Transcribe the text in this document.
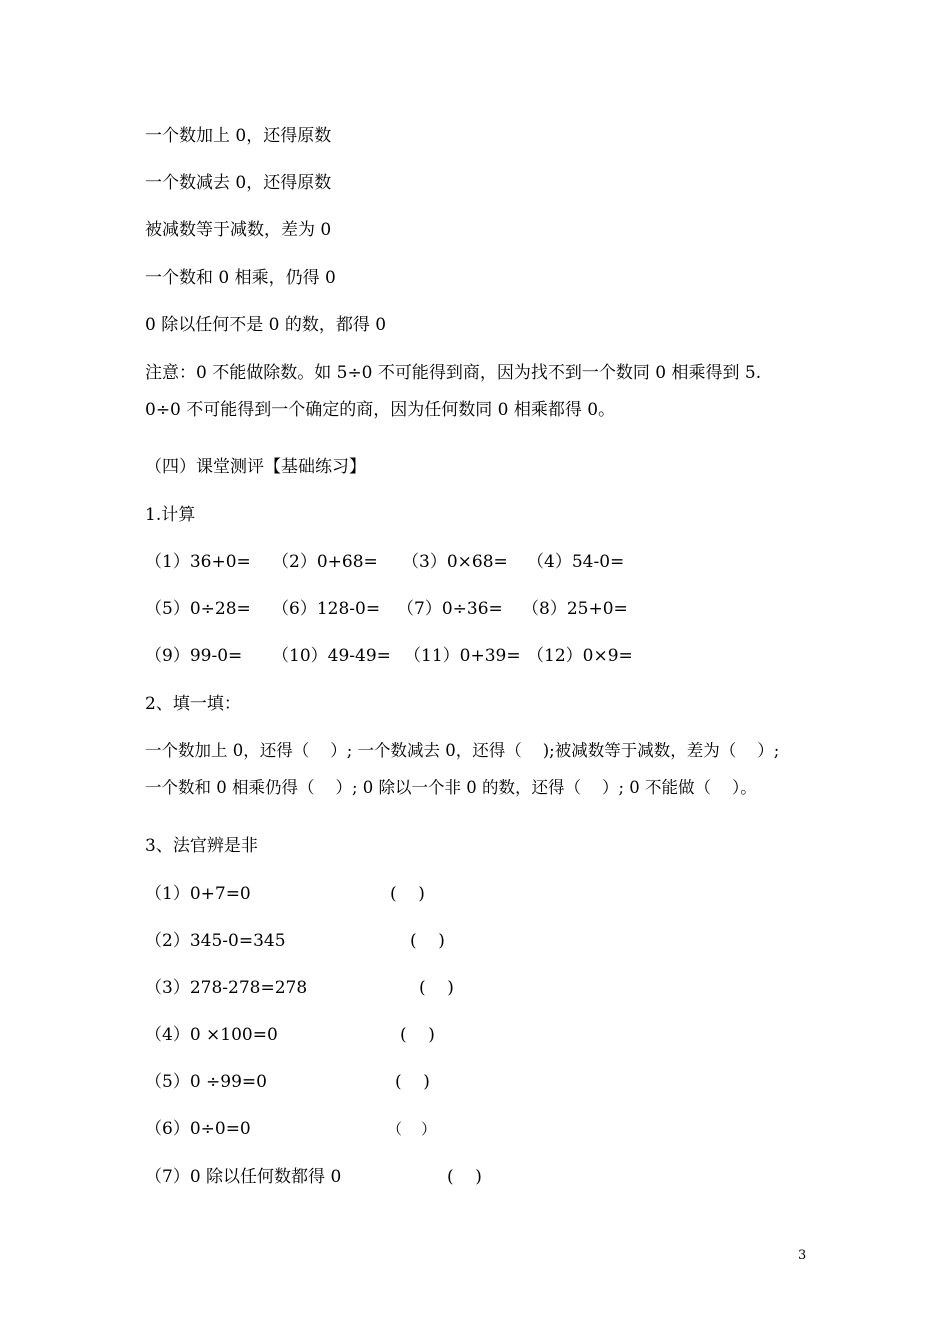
一个数加上 0，还得原数
一个数减去 0，还得原数
被减数等于减数，差为 0
一个数和 0 相乘，仍得 0
0 除以任何不是 0 的数，都得 0
注意：0 不能做除数。如 5÷0 不可能得到商，因为找不到一个数同 0 相乘得到 5.
0÷0 不可能得到一个确定的商，因为任何数同 0 相乘都得 0。
（四）课堂测评【基础练习】
1.计算
（1）36+0= （2）0+68= （3）0×68= （4）54-0=
（5）0÷28= （6）128-0= （7）0÷36= （8）25+0=
（9）99-0= （10）49-49= （11）0+39= （12）0×9=
2、填一填：
一个数加上 0，还得（    ）; 一个数减去 0，还得（    );被减数等于减数，差为（    ）;
一个数和 0 相乘仍得（    ）; 0 除以一个非 0 的数，还得（    ）; 0 不能做（    ）。
3、法官辨是非
（1）0+7=0	(    )
（2）345-0=345	(    )
（3）278-278=278	(    )
（4）0 ×100=0	(    )
（5）0 ÷99=0	(    )
（6）0÷0=0	（    ）
（7）0 除以任何数都得 0	(    )
3
